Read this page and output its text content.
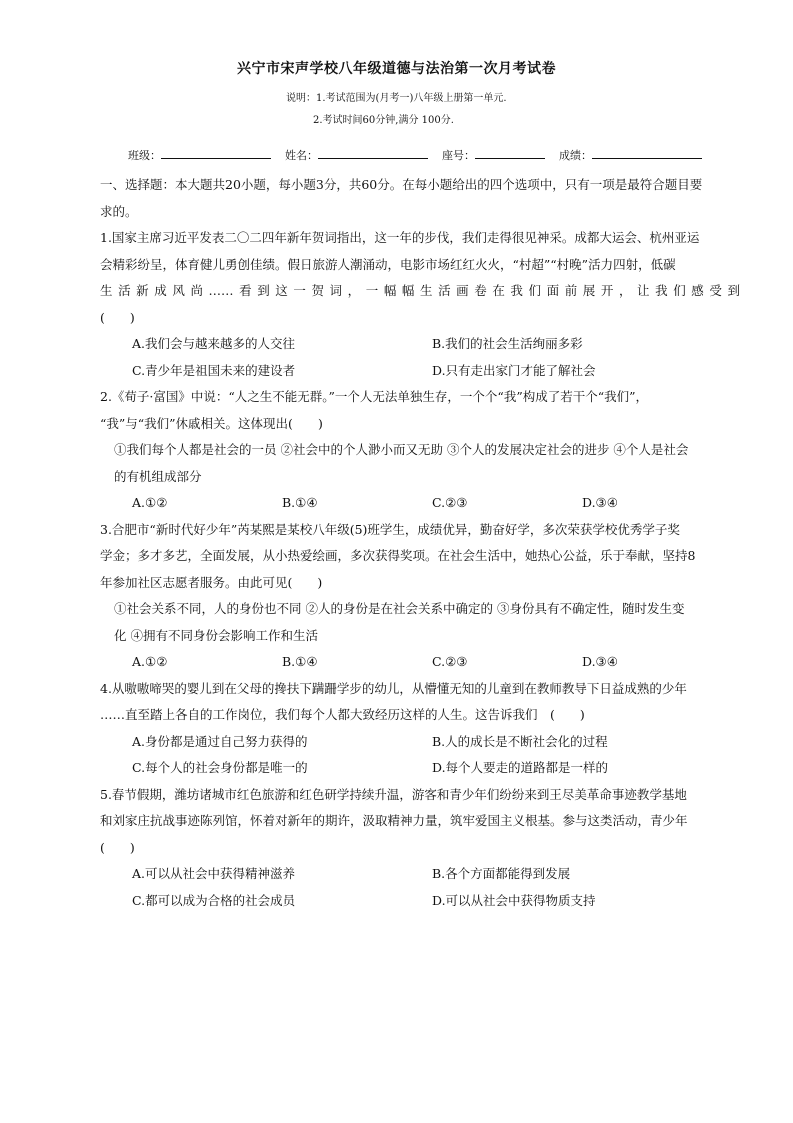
兴宁市宋声学校八年级道德与法治第一次月考试卷
说明：1.考试范围为(月考一)八年级上册第一单元.
2.考试时间60分钟,满分 100分.
班级：	姓名：	座号：	成绩：

一、选择题：本大题共20小题，每小题3分，共60分。在每小题给出的四个选项中，只有一项是最符合题目要

求的。

1.国家主席习近平发表二〇二四年新年贺词指出，这一年的步伐，我们走得很见神采。成都大运会、杭州亚运

会精彩纷呈，体育健儿勇创佳绩。假日旅游人潮涌动，电影市场红红火火，“村超”“村晚”活力四射，低碳

生活新成风尚……看到这一贺词，一幅幅生活画卷在我们面前展开，让我们感受到

(　　)

A.我们会与越来越多的人交往	B.我们的社会生活绚丽多彩
C.青少年是祖国未来的建设者	D.只有走出家门才能了解社会

2.《荀子·富国》中说：“人之生不能无群。”一个人无法单独生存，一个个“我”构成了若干个“我们”，

“我”与“我们”休戚相关。这体现出(　　)

①我们每个人都是社会的一员 ②社会中的个人渺小而又无助 ③个人的发展决定社会的进步 ④个人是社会

的有机组成部分

A.①②	B.①④	C.②③	D.③④

3.合肥市“新时代好少年”芮某熙是某校八年级(5)班学生，成绩优异，勤奋好学，多次荣获学校优秀学子奖

学金；多才多艺，全面发展，从小热爱绘画，多次获得奖项。在社会生活中，她热心公益，乐于奉献，坚持8

年参加社区志愿者服务。由此可见(　　)

①社会关系不同，人的身份也不同 ②人的身份是在社会关系中确定的 ③身份具有不确定性，随时发生变

化 ④拥有不同身份会影响工作和生活

A.①②	B.①④	C.②③	D.③④

4.从嗷嗷啼哭的婴儿到在父母的搀扶下蹒跚学步的幼儿，从懵懂无知的儿童到在教师教导下日益成熟的少年

……直至踏上各自的工作岗位，我们每个人都大致经历这样的人生。这告诉我们　(　　)

A.身份都是通过自己努力获得的	B.人的成长是不断社会化的过程
C.每个人的社会身份都是唯一的	D.每个人要走的道路都是一样的

5.春节假期，潍坊诸城市红色旅游和红色研学持续升温，游客和青少年们纷纷来到王尽美革命事迹教学基地

和刘家庄抗战事迹陈列馆，怀着对新年的期许，汲取精神力量，筑牢爱国主义根基。参与这类活动，青少年

(　　)

A.可以从社会中获得精神滋养	B.各个方面都能得到发展
C.都可以成为合格的社会成员	D.可以从社会中获得物质支持
